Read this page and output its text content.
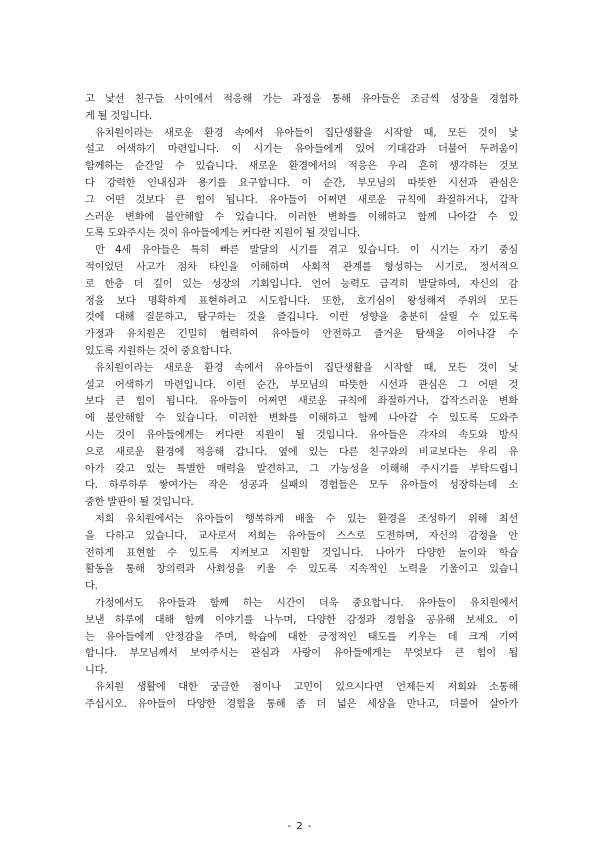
고 낯선 친구들 사이에서 적응해 가는 과정을 통해 유아들은 조금씩 성장을 경험하
게 될 것입니다.
유치원이라는 새로운 환경 속에서 유아들이 집단생활을 시작할 때, 모든 것이 낯
설고 어색하기 마련입니다. 이 시기는 유아들에게 있어 기대감과 더불어 두려움이
함께하는 순간일 수 있습니다. 새로운 환경에서의 적응은 우리 흔히 생각하는 것보
다 강력한 인내심과 용기를 요구합니다. 이 순간, 부모님의 따뜻한 시선과 관심은
그 어떤 것보다 큰 힘이 됩니다. 유아들이 어쩌면 새로운 규칙에 좌절하거나, 갑작
스러운 변화에 불안해할 수 있습니다. 이러한 변화를 이해하고 함께 나아갈 수 있
도록 도와주시는 것이 유아들에게는 커다란 지원이 될 것입니다.
만 4세 유아들은 특히 빠른 발달의 시기를 겪고 있습니다. 이 시기는 자기 중심
적이었던 사고가 점차 타인을 이해하며 사회적 관계를 형성하는 시기로, 정서적으
로 한층 더 깊이 있는 성장의 기회입니다. 언어 능력도 급격히 발달하여, 자신의 감
정을 보다 명확하게 표현하려고 시도합니다. 또한, 호기심이 왕성해져 주위의 모든
것에 대해 질문하고, 탐구하는 것을 즐깁니다. 이런 성향을 충분히 살릴 수 있도록
가정과 유치원은 긴밀히 협력하여 유아들이 안전하고 즐거운 탐색을 이어나갈 수
있도록 지원하는 것이 중요합니다.
유치원이라는 새로운 환경 속에서 유아들이 집단생활을 시작할 때, 모든 것이 낯
설고 어색하기 마련입니다. 이런 순간, 부모님의 따뜻한 시선과 관심은 그 어떤 것
보다 큰 힘이 됩니다. 유아들이 어쩌면 새로운 규칙에 좌절하거나, 갑작스러운 변화
에 불안해할 수 있습니다. 이러한 변화를 이해하고 함께 나아갈 수 있도록 도와주
시는 것이 유아들에게는 커다란 지원이 될 것입니다. 유아들은 각자의 속도와 방식
으로 새로운 환경에 적응해 갑니다. 옆에 있는 다른 친구와의 비교보다는 우리 유
아가 갖고 있는 특별한 매력을 발견하고, 그 가능성을 이해해 주시기를 부탁드립니
다. 하루하루 쌓여가는 작은 성공과 실패의 경험들은 모두 유아들이 성장하는데 소
중한 발판이 될 것입니다.
저희 유치원에서는 유아들이 행복하게 배울 수 있는 환경을 조성하기 위해 최선
을 다하고 있습니다. 교사로서 저희는 유아들이 스스로 도전하며, 자신의 감정을 안
전하게 표현할 수 있도록 지켜보고 지원할 것입니다. 나아가 다양한 놀이와 학습
활동을 통해 창의력과 사회성을 키울 수 있도록 지속적인 노력을 기울이고 있습니
다.
가정에서도 유아들과 함께 하는 시간이 더욱 중요합니다. 유아들이 유치원에서
보낸 하루에 대해 함께 이야기를 나누며, 다양한 감정과 경험을 공유해 보세요. 이
는 유아들에게 안정감을 주며, 학습에 대한 긍정적인 태도를 키우는 데 크게 기여
합니다. 부모님께서 보여주시는 관심과 사랑이 유아들에게는 무엇보다 큰 힘이 됩
니다.
유치원 생활에 대한 궁금한 점이나 고민이 있으시다면 언제든지 저희와 소통해
주십시오. 유아들이 다양한 경험을 통해 좀 더 넓은 세상을 만나고, 더불어 살아가
- 2 -
